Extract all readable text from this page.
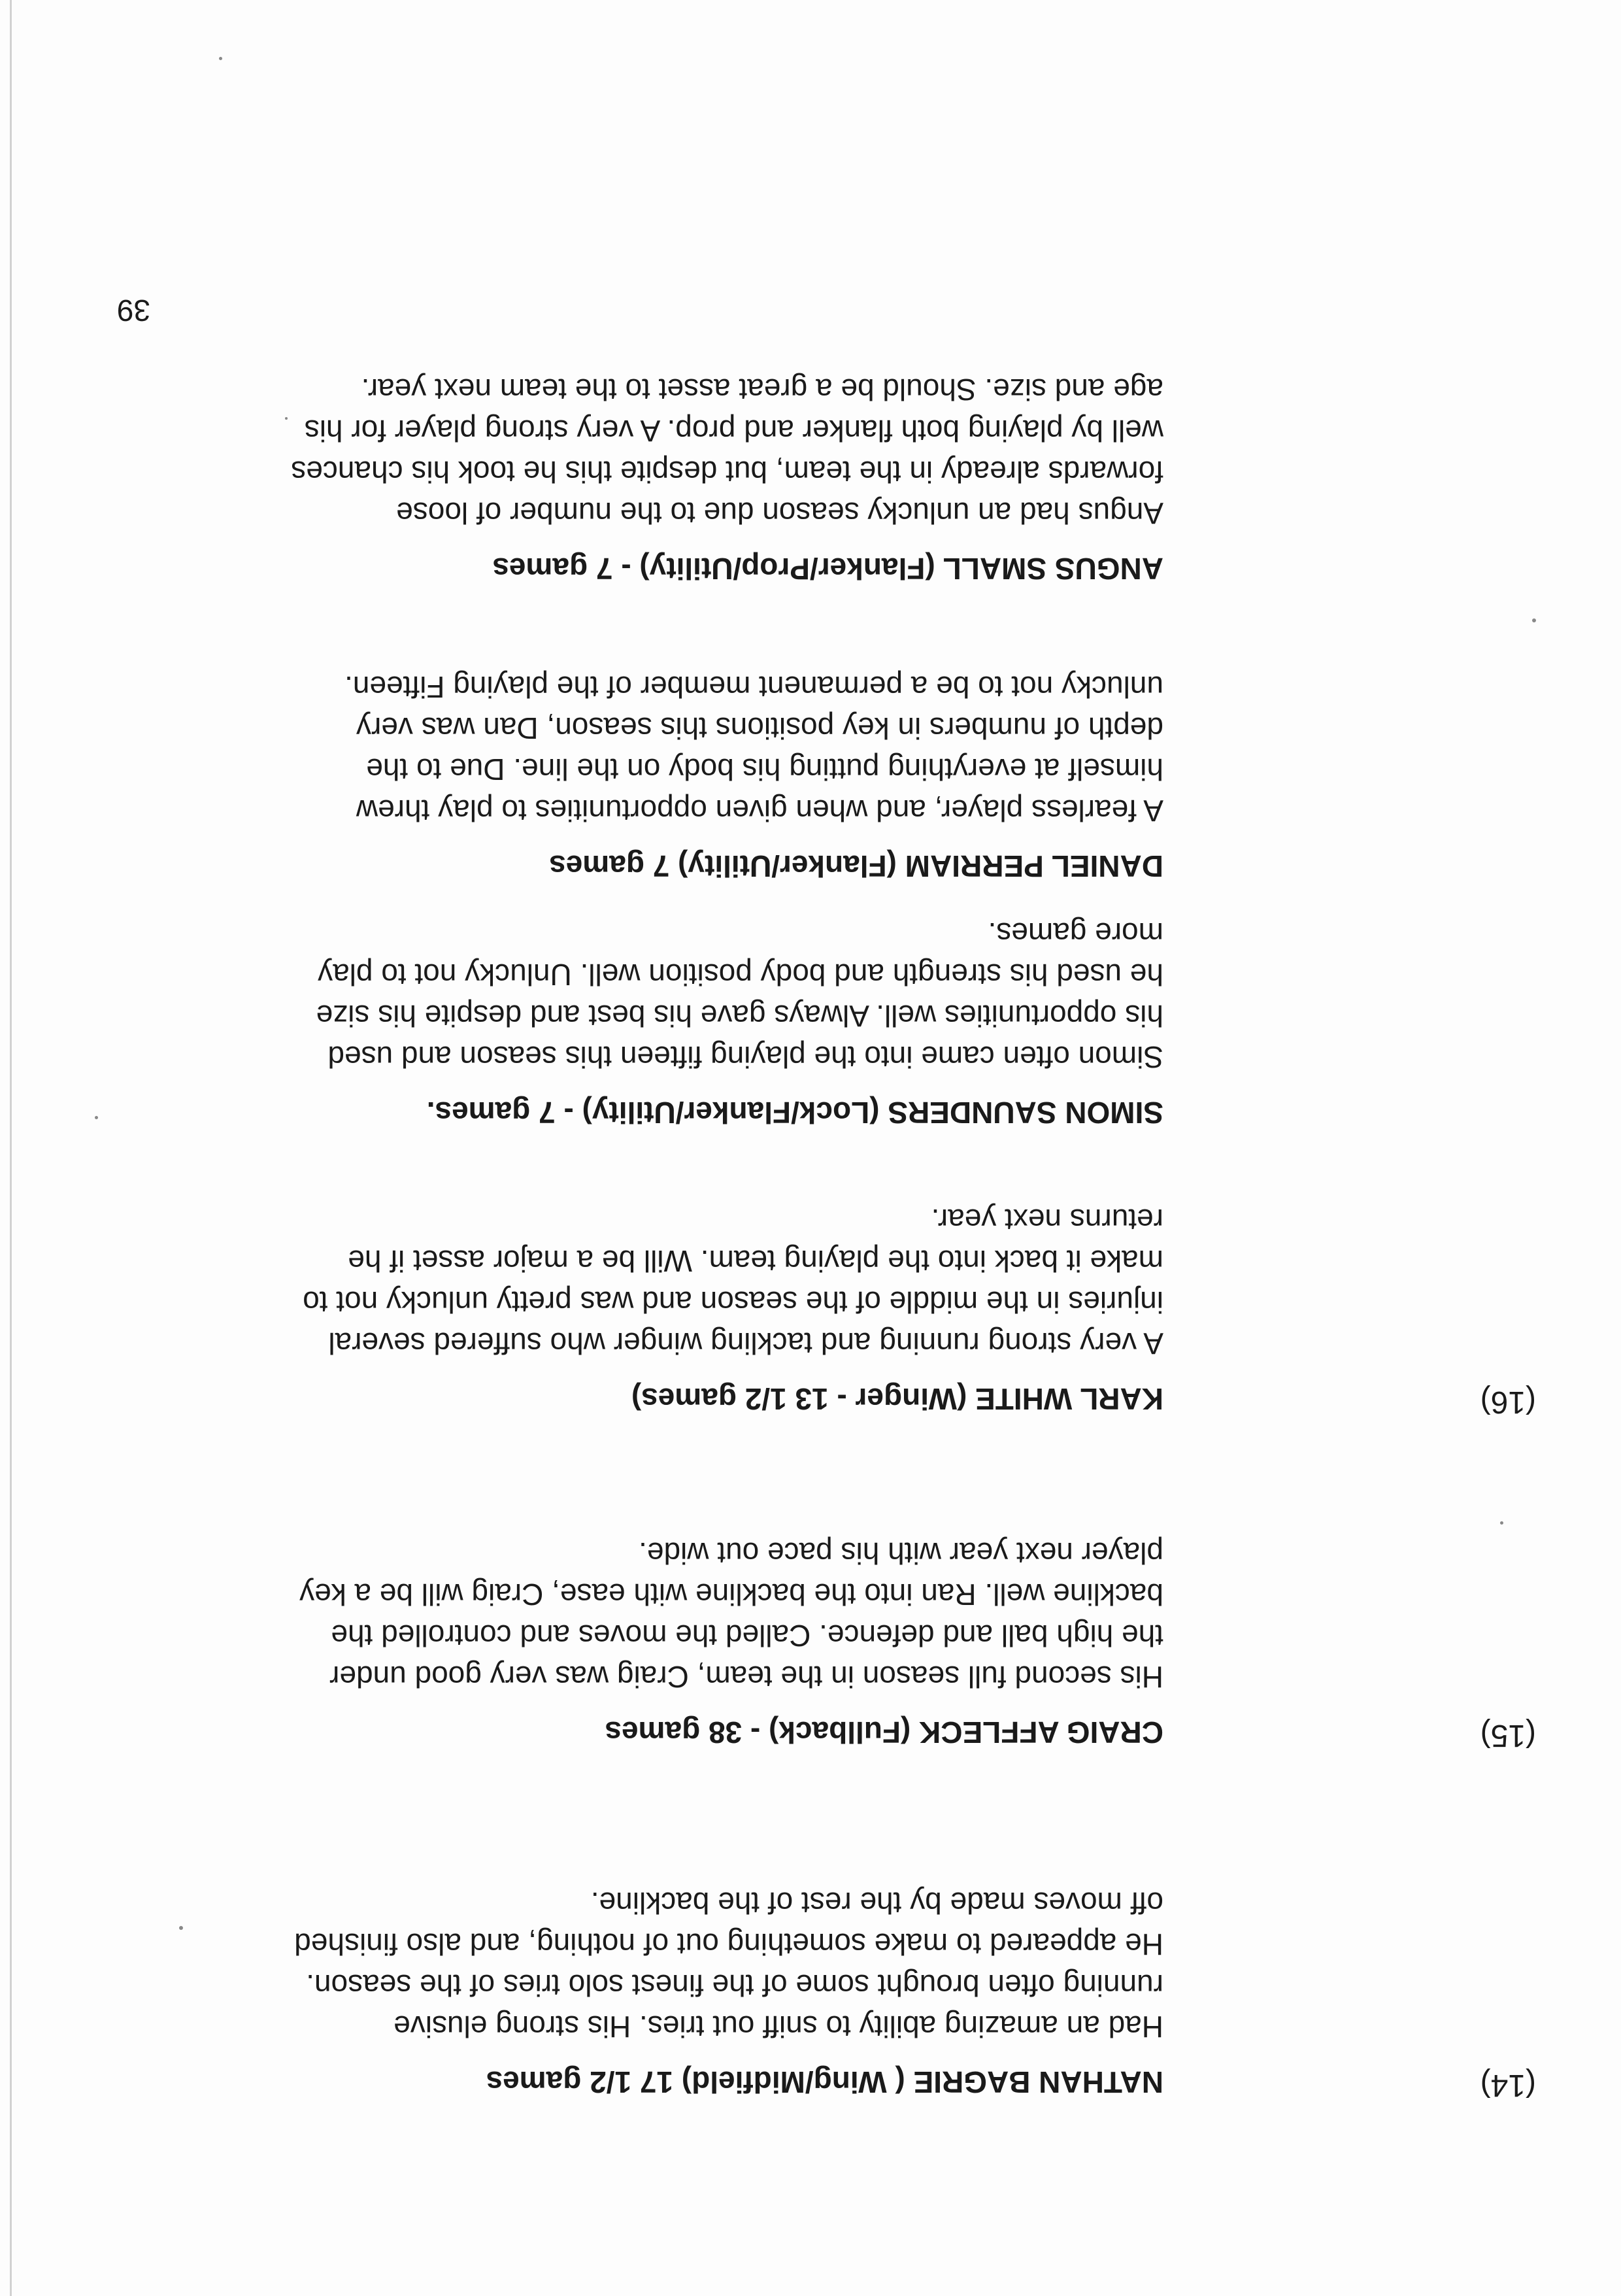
39
(14)

NATHAN BAGRIE ( Wing/Midfield) 17 1/2 games

Had an amazing ability to sniff out tries. His strong elusive running often brought some of the finest solo tries of the season. He appeared to make something out of nothing, and also finished off moves made by the rest of the backline.

(15)

CRAIG AFFLECK (Fullback) - 38 games

His second full season in the team, Craig was very good under the high ball and defence. Called the moves and controlled the backline well. Ran into the backline with ease, Craig will be a key player next year with his pace out wide.

(16)

KARL WHITE (Winger - 13 1/2 games)

A very strong running and tackling winger who suffered several injuries in the middle of the season and was pretty unlucky not to make it back into the playing team. Will be a major asset if he returns next year.

SIMON SAUNDERS (Lock/Flanker/Utility) - 7 games.

Simon often came into the playing fifteen this season and used his opportunities well. Always gave his best and despite his size he used his strength and body position well. Unlucky not to play more games.

DANIEL PERRIAM (Flanker/Utility) 7 games

A fearless player, and when given opportunities to play threw himself at everything putting his body on the line. Due to the depth of numbers in key positions this season, Dan was very unlucky not to be a permanent member of the playing Fifteen.

ANGUS SMALL (Flanker/Prop/Utility) - 7 games

Angus had an unlucky season due to the number of loose forwards already in the team, but despite this he took his chances well by playing both flanker and prop. A very strong player for his age and size. Should be a great asset to the team next year.
